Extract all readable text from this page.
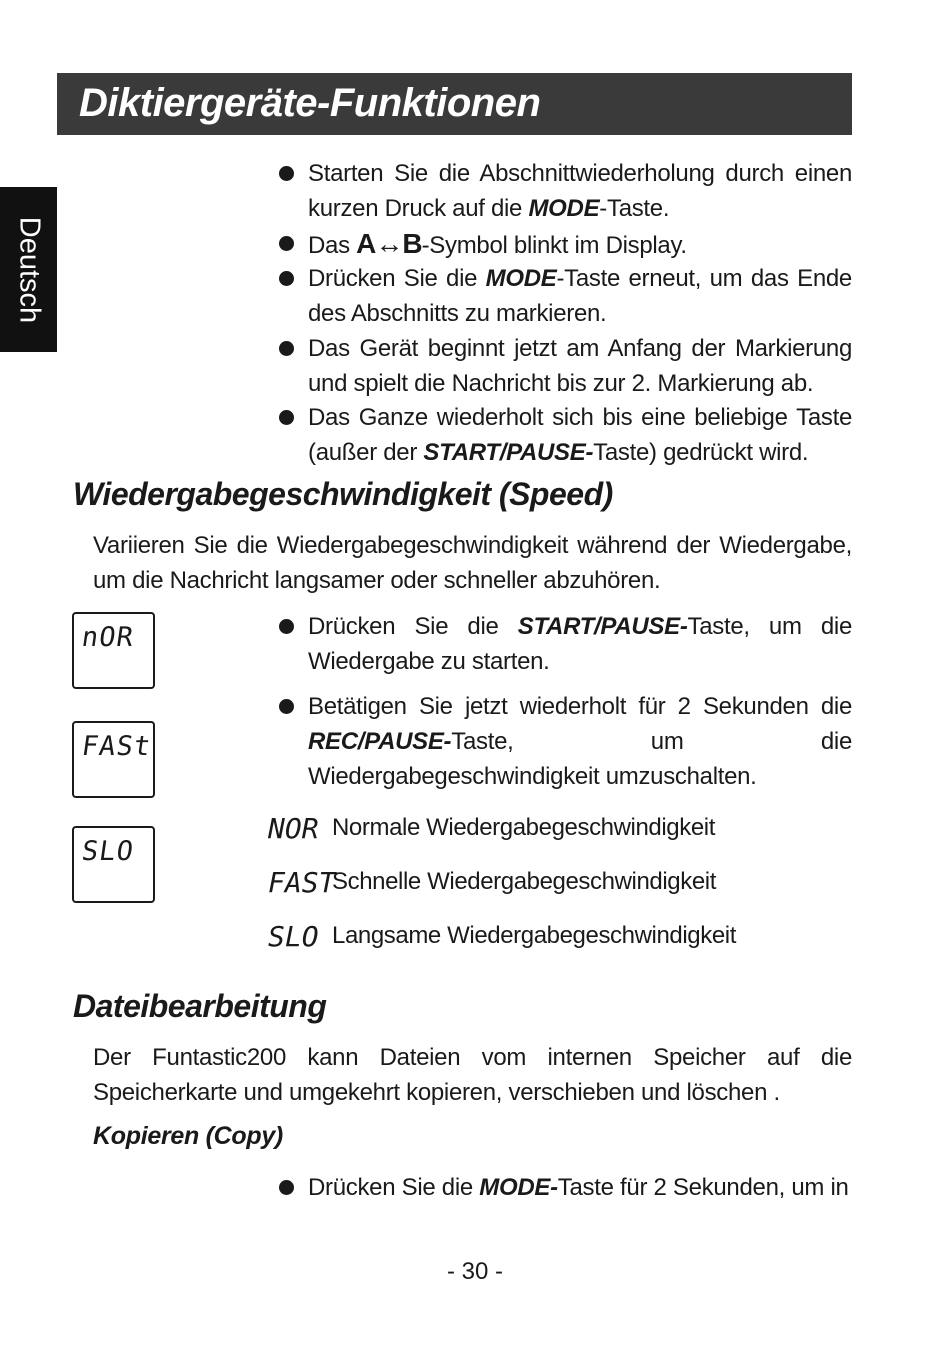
Diktiergeräte-Funktionen
Deutsch
Starten Sie die Abschnittwiederholung durch einen kurzen Druck auf die MODE-Taste.
Das A↔B-Symbol blinkt im Display.
Drücken Sie die MODE-Taste erneut, um das Ende des Abschnitts zu markieren.
Das Gerät beginnt jetzt am Anfang der Markierung und spielt die Nachricht bis zur 2. Markierung ab.
Das Ganze wiederholt sich bis eine beliebige Taste (außer der START/PAUSE-Taste) gedrückt wird.
Wiedergabegeschwindigkeit (Speed)

Variieren Sie die Wiedergabegeschwindigkeit während der Wiedergabe, um die Nachricht langsamer oder schneller abzuhören.

nOR
FASt
SLO
Drücken Sie die START/PAUSE-Taste, um die Wiedergabe zu starten.
Betätigen Sie jetzt wiederholt für 2 Sekunden die REC/PAUSE-Taste, um die Wiedergabegeschwindigkeit umzuschalten.
NOR Normale Wiedergabegeschwindigkeit
FAST
Schnelle Wiedergabegeschwindigkeit
SLO Langsame Wiedergabegeschwindigkeit
Dateibearbeitung

Der Funtastic200 kann Dateien vom internen Speicher auf die Speicherkarte und umgekehrt kopieren, verschieben und löschen .

Kopieren (Copy)
Drücken Sie die MODE-Taste für 2 Sekunden, um in
- 30 -
